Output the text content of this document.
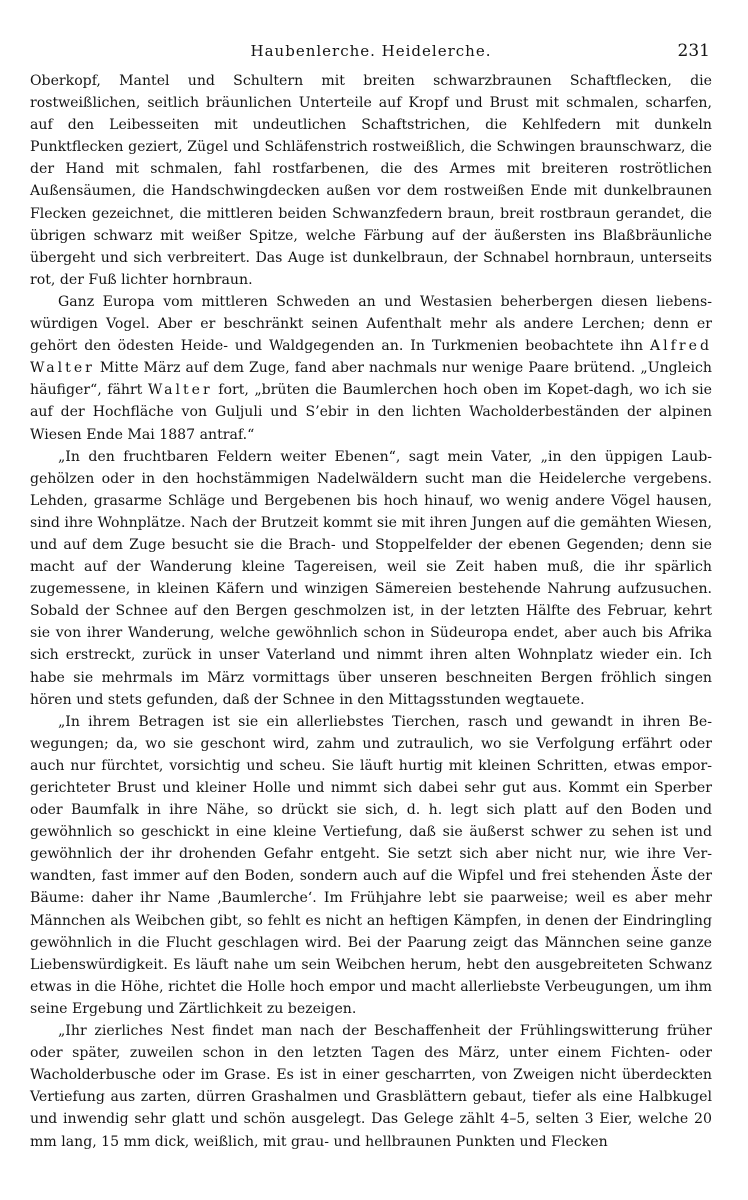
Haubenlerche. Heidelerche.	231

Oberkopf, Mantel und Schultern mit breiten schwarzbraunen Schaftflecken, die rostweißlichen, seitlich bräunlichen Unterteile auf Kropf und Brust mit schmalen, scharfen, auf den Leibesseiten mit undeutlichen Schaftstrichen, die Kehlfedern mit dunkeln Punktflecken geziert, Zügel und Schläfenstrich rostweißlich, die Schwingen braunschwarz, die der Hand mit schmalen, fahl rostfarbenen, die des Armes mit breiteren roströtlichen Außensäumen, die Handschwingdecken außen vor dem rostweißen Ende mit dunkelbraunen Flecken gezeichnet, die mittleren beiden Schwanzfedern braun, breit rostbraun gerandet, die übrigen schwarz mit weißer Spitze, welche Färbung auf der äußersten ins Blaßbräunliche übergeht und sich verbreitert. Das Auge ist dunkelbraun, der Schnabel hornbraun, unterseits rot, der Fuß lichter hornbraun.

Ganz Europa vom mittleren Schweden an und Westasien beherbergen diesen liebenswürdigen Vogel. Aber er beschränkt seinen Aufenthalt mehr als andere Lerchen; denn er gehört den ödesten Heide- und Waldgegenden an. In Turkmenien beobachtete ihn Alfred Walter Mitte März auf dem Zuge, fand aber nachmals nur wenige Paare brütend. „Ungleich häufiger“, fährt Walter fort, „brüten die Baumlerchen hoch oben im Kopet-dagh, wo ich sie auf der Hochfläche von Guljuli und S’ebir in den lichten Wacholderbeständen der alpinen Wiesen Ende Mai 1887 antraf.“

„In den fruchtbaren Feldern weiter Ebenen“, sagt mein Vater, „in den üppigen Laubgehölzen oder in den hochstämmigen Nadelwäldern sucht man die Heidelerche vergebens. Lehden, grasarme Schläge und Bergebenen bis hoch hinauf, wo wenig andere Vögel hausen, sind ihre Wohnplätze. Nach der Brutzeit kommt sie mit ihren Jungen auf die gemähten Wiesen, und auf dem Zuge besucht sie die Brach- und Stoppelfelder der ebenen Gegenden; denn sie macht auf der Wanderung kleine Tagereisen, weil sie Zeit haben muß, die ihr spärlich zugemessene, in kleinen Käfern und winzigen Sämereien bestehende Nahrung aufzusuchen. Sobald der Schnee auf den Bergen geschmolzen ist, in der letzten Hälfte des Februar, kehrt sie von ihrer Wanderung, welche gewöhnlich schon in Südeuropa endet, aber auch bis Afrika sich erstreckt, zurück in unser Vaterland und nimmt ihren alten Wohnplatz wieder ein. Ich habe sie mehrmals im März vormittags über unseren beschneiten Bergen fröhlich singen hören und stets gefunden, daß der Schnee in den Mittagsstunden wegtauete.

„In ihrem Betragen ist sie ein allerliebstes Tierchen, rasch und gewandt in ihren Bewegungen; da, wo sie geschont wird, zahm und zutraulich, wo sie Verfolgung erfährt oder auch nur fürchtet, vorsichtig und scheu. Sie läuft hurtig mit kleinen Schritten, etwas emporgerichteter Brust und kleiner Holle und nimmt sich dabei sehr gut aus. Kommt ein Sperber oder Baumfalk in ihre Nähe, so drückt sie sich, d. h. legt sich platt auf den Boden und gewöhnlich so geschickt in eine kleine Vertiefung, daß sie äußerst schwer zu sehen ist und gewöhnlich der ihr drohenden Gefahr entgeht. Sie setzt sich aber nicht nur, wie ihre Verwandten, fast immer auf den Boden, sondern auch auf die Wipfel und frei stehenden Äste der Bäume: daher ihr Name ‚Baumlerche‘. Im Frühjahre lebt sie paarweise; weil es aber mehr Männchen als Weibchen gibt, so fehlt es nicht an heftigen Kämpfen, in denen der Eindringling gewöhnlich in die Flucht geschlagen wird. Bei der Paarung zeigt das Männchen seine ganze Liebenswürdigkeit. Es läuft nahe um sein Weibchen herum, hebt den ausgebreiteten Schwanz etwas in die Höhe, richtet die Holle hoch empor und macht allerliebste Verbeugungen, um ihm seine Ergebung und Zärtlichkeit zu bezeigen.

„Ihr zierliches Nest findet man nach der Beschaffenheit der Frühlingswitterung früher oder später, zuweilen schon in den letzten Tagen des März, unter einem Fichten- oder Wacholderbusche oder im Grase. Es ist in einer gescharrten, von Zweigen nicht überdeckten Vertiefung aus zarten, dürren Grashalmen und Grasblättern gebaut, tiefer als eine Halbkugel und inwendig sehr glatt und schön ausgelegt. Das Gelege zählt 4–5, selten 3 Eier, welche 20 mm lang, 15 mm dick, weißlich, mit grau- und hellbraunen Punkten und Flecken
